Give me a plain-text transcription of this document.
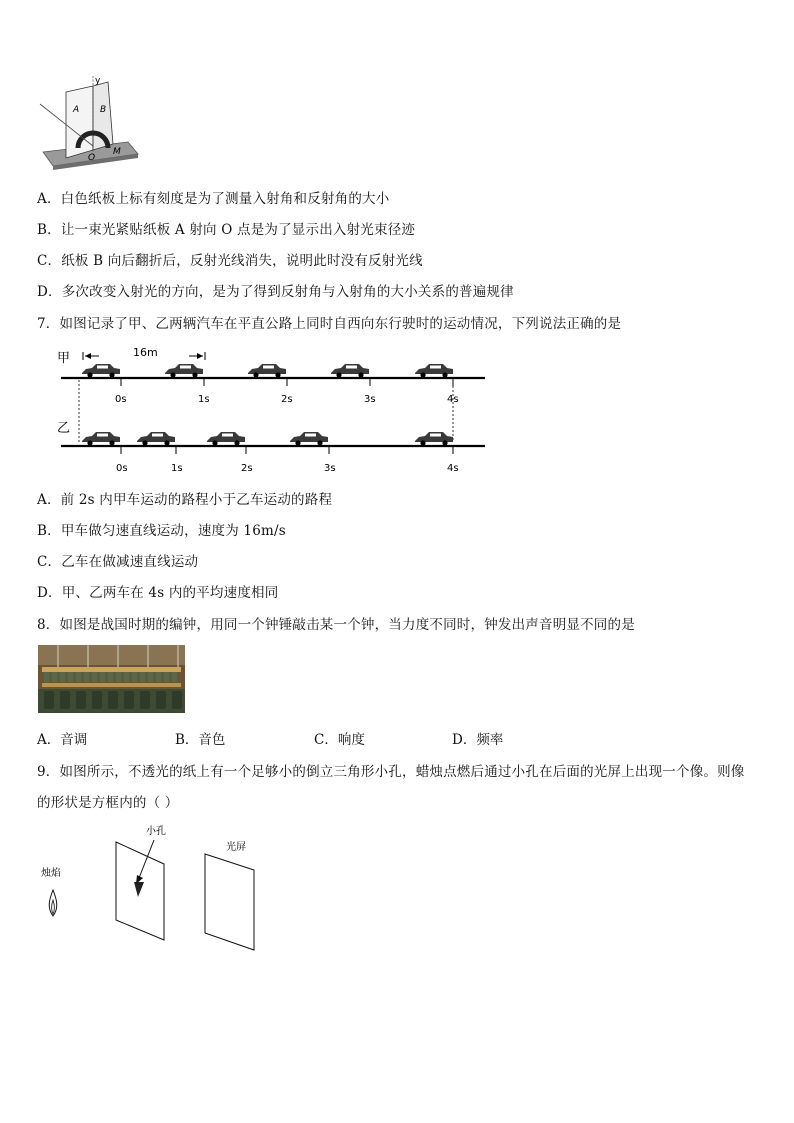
y
A B
O
M
A．白色纸板上标有刻度是为了测量入射角和反射角的大小
B．让一束光紧贴纸板 A 射向 O 点是为了显示出入射光束径迹
C．纸板 B 向后翻折后，反射光线消失，说明此时没有反射光线
D．多次改变入射光的方向，是为了得到反射角与入射角的大小关系的普遍规律
7．如图记录了甲、乙两辆汽车在平直公路上同时自西向东行驶时的运动情况，下列说法正确的是
甲	16m
0s	1s	2s	3s	4s
乙
0s	1s	2s	3s	4s
A．前 2s 内甲车运动的路程小于乙车运动的路程
B．甲车做匀速直线运动，速度为 16m/s
C．乙车在做减速直线运动
D．甲、乙两车在 4s 内的平均速度相同
8．如图是战国时期的编钟，用同一个钟锤敲击某一个钟，当力度不同时，钟发出声音明显不同的是
A．音调	B．音色	C．响度	D．频率
9．如图所示，不透光的纸上有一个足够小的倒立三角形小孔，蜡烛点燃后通过小孔在后面的光屏上出现一个像。则像
的形状是方框内的（ ）
烛焰
小孔
光屏
